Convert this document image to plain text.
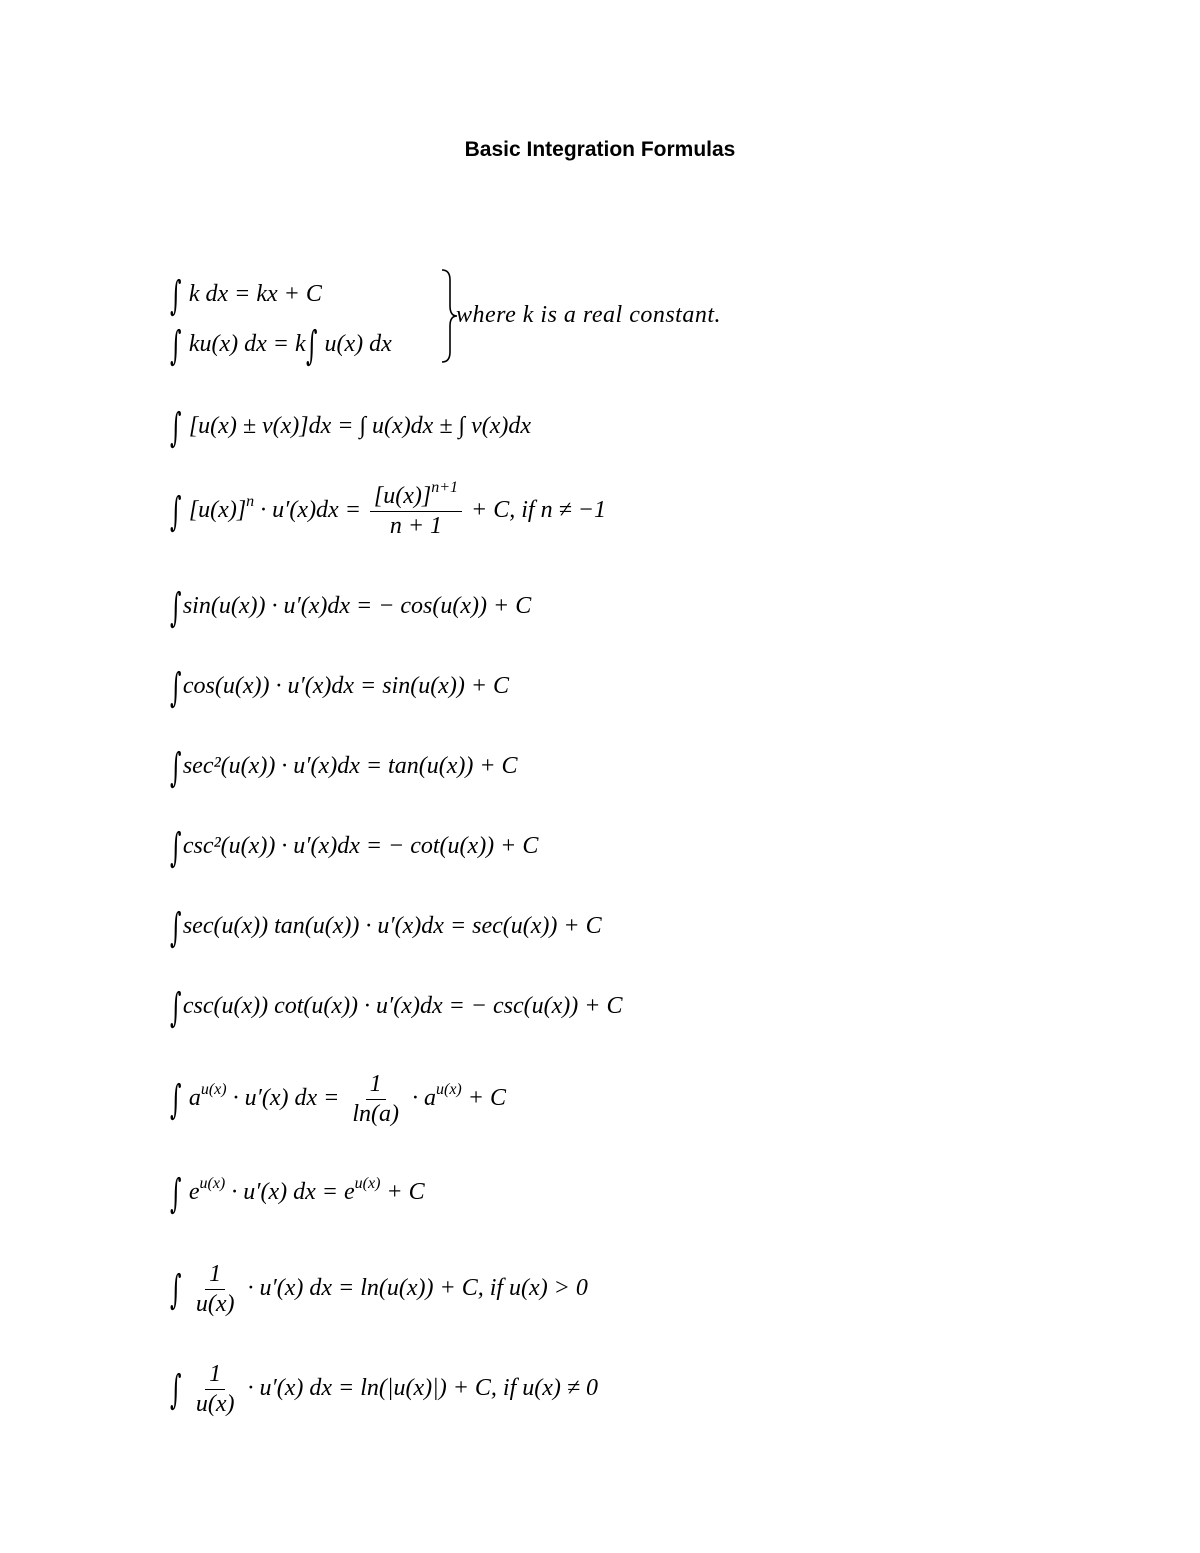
Basic Integration Formulas
∫ k dx = kx + C
∫ ku(x) dx = k∫ u(x) dx
where k is a real constant.
∫ [u(x) ± v(x)]dx = ∫ u(x)dx ± ∫ v(x)dx
∫ $[u(x)]^n \cdot u'(x)dx = \frac{[u(x)]^{n+1}}{n + 1} + C$, if n ≠ −1
∫sin(u(x)) · u′(x)dx = − cos(u(x)) + C
∫cos(u(x)) · u′(x)dx = sin(u(x)) + C
∫sec²(u(x)) · u′(x)dx = tan(u(x)) + C
∫csc²(u(x)) · u′(x)dx = − cot(u(x)) + C
∫sec(u(x)) tan(u(x)) · u′(x)dx = sec(u(x)) + C
∫csc(u(x)) cot(u(x)) · u′(x)dx = − csc(u(x)) + C
∫ $a^{u(x)} \cdot u'(x)$ dx = $\frac{1}{\ln(a)} \cdot a^{u(x)} + C$
∫ $e^{u(x)} \cdot u'(x)$ dx = $e^{u(x)} + C$
∫ $\frac{1}{u(x)} \cdot u'(x)$ dx = ln(u(x)) + C, if u(x) > 0
∫ $\frac{1}{u(x)} \cdot u'(x)$ dx = ln(|u(x)|) + C, if u(x) ≠ 0
